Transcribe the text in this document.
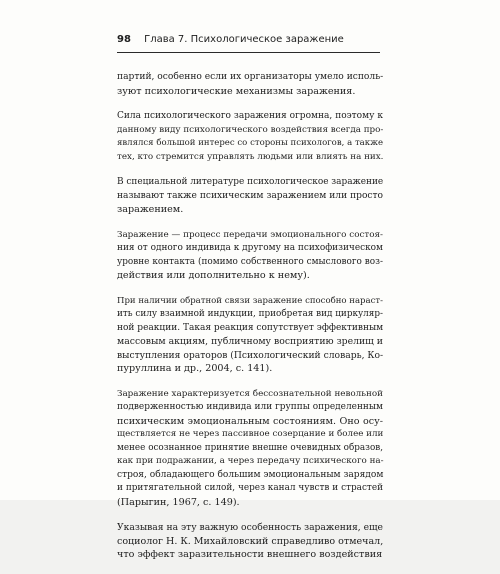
98 Глава 7. Психологическое заражение
партий, особенно если их организаторы умело исполь-
зуют психологические механизмы заражения.
Сила психологического заражения огромна, поэтому к
данному виду психологического воздействия всегда про-
являлся большой интерес со стороны психологов, а также
тех, кто стремится управлять людьми или влиять на них.
В специальной литературе психологическое заражение
называют также психическим заражением или просто
заражением.
Заражение — процесс передачи эмоционального состоя-
ния от одного индивида к другому на психофизическом
уровне контакта (помимо собственного смыслового воз-
действия или дополнительно к нему).
При наличии обратной связи заражение способно нараст-
ить силу взаимной индукции, приобретая вид циркуляр-
ной реакции. Такая реакция сопутствует эффективным
массовым акциям, публичному восприятию зрелищ и
выступления ораторов (Психологический словарь, Ко-
пуруллина и др., 2004, с. 141).
Заражение характеризуется бессознательной невольной
подверженностью индивида или группы определенным
психическим эмоциональным состояниям. Оно осу-
ществляется не через пассивное созерцание и более или
менее осознанное принятие внешне очевидных образов,
как при подражании, а через передачу психического на-
строя, обладающего большим эмоциональным зарядом
и притягательной силой, через канал чувств и страстей
(Парыгин, 1967, с. 149).
Указывая на эту важную особенность заражения, еще
социолог Н. К. Михайловский справедливо отмечал,
что эффект заразительности внешнего воздействия
